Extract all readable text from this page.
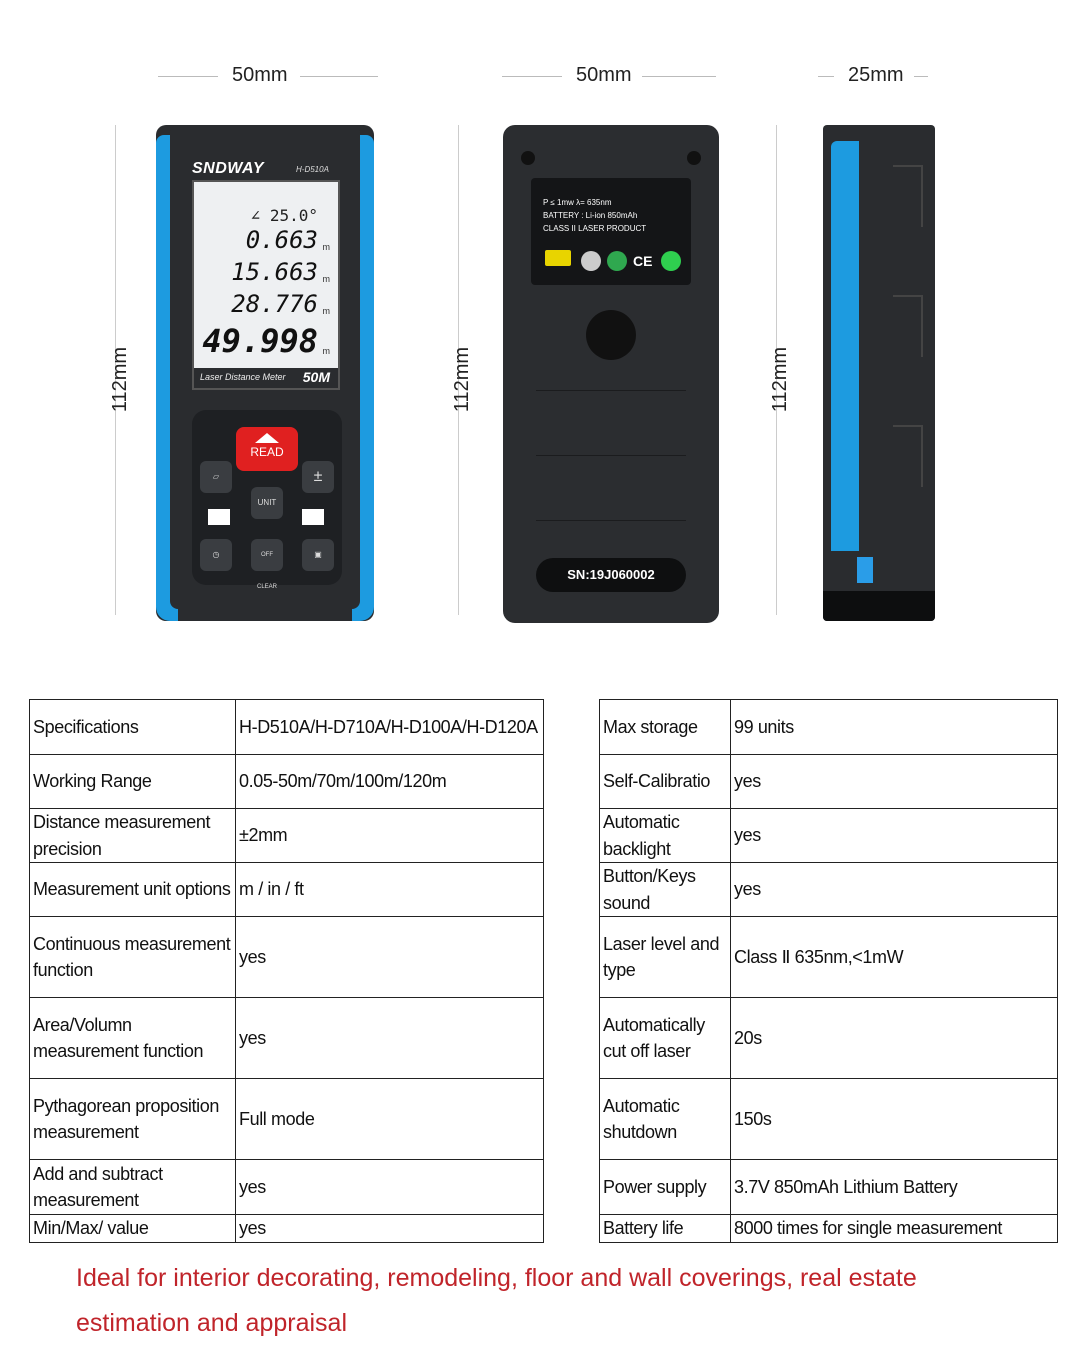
50mm	50mm	25mm
112mm	112mm	112mm
SNDWAY	H-D510A
∠ 25.0°
0.663 m
15.663 m
28.776 m
49.998 m
Laser Distance Meter 50M
READ
▱	±
UNIT
◷	OFF CLEAR
▣
P ≤ 1mw λ= 635nm
BATTERY : Li-ion 850mAh
CLASS II LASER PRODUCT
CE
SN:19J060002
Specifications	H-D510A/H-D710A/H-D100A/H-D120A
Working Range	0.05-50m/70m/100m/120m
Distance measurement precision	±2mm
Measurement unit options	m / in / ft
Continuous measurement function	yes
Area/Volumn measurement function	yes
Pythagorean proposition measurement	Full mode
Add and subtract measurement	yes
Min/Max/ value	yes
Max storage	99 units
Self-Calibratio	yes
Automatic backlight	yes
Button/Keys sound	yes
Laser level and type	Class Ⅱ 635nm,<1mW
Automatically cut off laser	20s
Automatic shutdown	150s
Power supply	3.7V 850mAh Lithium Battery
Battery life	8000 times for single measurement
Ideal for interior decorating, remodeling, floor and wall coverings, real estate estimation and appraisal
